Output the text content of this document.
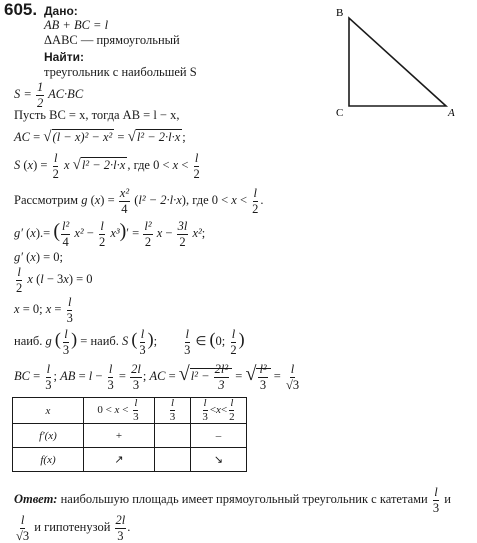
605. Дано:
AB + BC = l
ΔABC — прямоугольный
Найти:
треугольник с наибольшей S
B
C	A
$S = \frac{1}{2} AC\cdot BC$
Пусть BC = x, тогда AB = l − x,
AC = √(l − x)² − x² = √l² − 2·l·x ;
S $(x) = \frac{l}{2}$ x √l² − 2·l·x , где $0 < x < \frac{l}{2}$
Рассмотрим g $(x) = \frac{\text{x²}}{4} (l^2 - 2\cdot l\cdot x)$, где $0 < x < \frac{l}{2}$ .
g′ (x).= ( $\frac{\text{l²}}{4} x^2 - \frac{l}{2} x^3)' = \frac{\text{l²}}{2}$ $x - \frac{3l}{2} x^2$;
g′ (x) = 0;
$\frac{l}{2}$ x (l − 3x) = 0
x = 0; $x = \frac{l}{3}$
наиб. g ( $\frac{l}{3}$ ) = наиб. S ( $\frac{l}{3}$ ); $\frac{l}{3}$ ∈ (0; $\frac{l}{2}$ )
BC = $\frac{l}{3}$ ; AB = $l - \frac{l}{3} = \frac{2l}{3}$ ; AC = $√l^2 - \frac{\text{2l²}}{3}$ = √ $\frac{\text{l²}}{3} = \frac{l}{√3}$
x	$0 < x < \frac{l}{3}$	$\frac{l}{3}$	$\frac{l}{3} <x< \frac{l}{2}$

f′(x)	+		–
f(x)	↗		↘
Ответ: наибольшую площадь имеет прямоугольный треугольник с катетами $\frac{l}{3}$ и
$\frac{l}{√3}$ и гипотенузой $\frac{2l}{3}$ .
